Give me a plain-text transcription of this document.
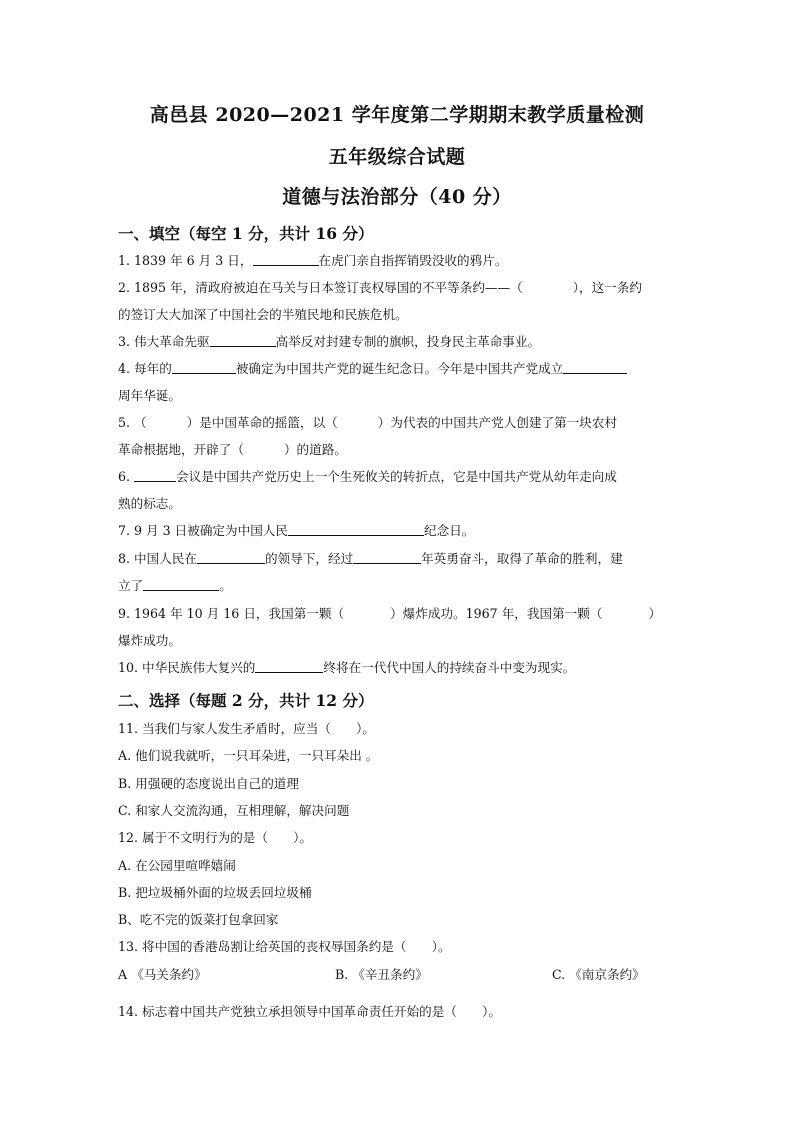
高邑县 2020—2021 学年度第二学期期末教学质量检测
五年级综合试题
道德与法治部分（40 分）
一、填空（每空 1 分，共计 16 分）
1. 1839 年 6 月 3 日，	在虎门亲自指挥销毁没收的鸦片。
2. 1895 年，清政府被迫在马关与日本签订丧权辱国的不平等条约——（	），这一条约
的签订大大加深了中国社会的半殖民地和民族危机。
3. 伟大革命先驱	高举反对封建专制的旗帜，投身民主革命事业。
4. 每年的	被确定为中国共产党的诞生纪念日。今年是中国共产党成立
周年华诞。
5. （	）是中国革命的摇篮，以（	）为代表的中国共产党人创建了第一块农村
革命根据地，开辟了（	）的道路。
6.	会议是中国共产党历史上一个生死攸关的转折点，它是中国共产党从幼年走向成
熟的标志。
7. 9 月 3 日被确定为中国人民	纪念日。
8. 中国人民在	的领导下，经过	年英勇奋斗，取得了革命的胜利，建
立了	。
9. 1964 年 10 月 16 日，我国第一颗（	）爆炸成功。1967 年，我国第一颗（	）
爆炸成功。
10. 中华民族伟大复兴的	终将在一代代中国人的持续奋斗中变为现实。
二、选择（每题 2 分，共计 12 分）
11. 当我们与家人发生矛盾时，应当（　　）。
A. 他们说我就听，一只耳朵进，一只耳朵出 。
B. 用强硬的态度说出自己的道理
C. 和家人交流沟通，互相理解，解决问题
12. 属于不文明行为的是（　　）。
A. 在公园里喧哗嬉闹
B. 把垃圾桶外面的垃圾丢回垃圾桶
B、吃不完的饭菜打包拿回家
13. 将中国的香港岛割让给英国的丧权辱国条约是（　　）。
A 《马关条约》	B. 《辛丑条约》	C. 《南京条约》
14. 标志着中国共产党独立承担领导中国革命责任开始的是（　　）。
